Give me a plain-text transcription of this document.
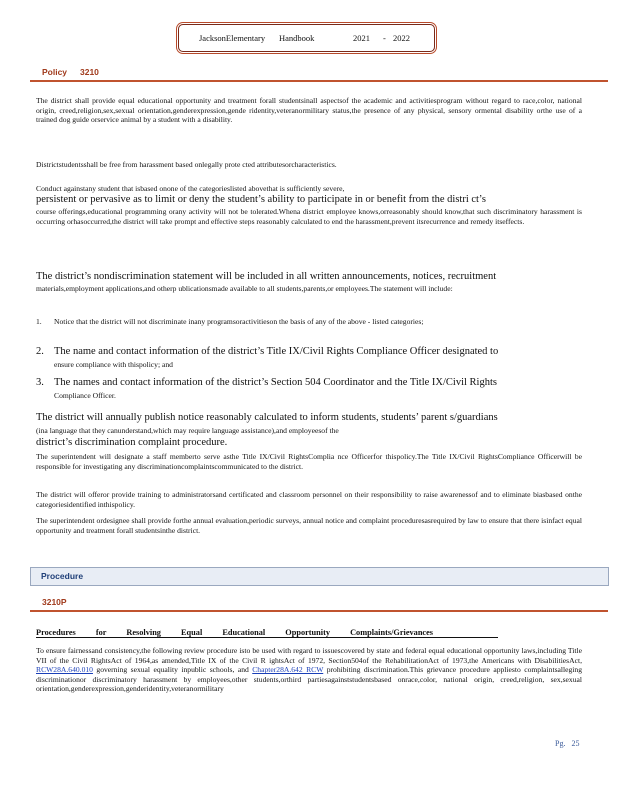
JacksonElementary Handbook	2021 - 2022
Policy 3210
The district shall provide equal educational opportunity and treatment forall studentsinall aspectsof the academic and activitiesprogram without regard to race,color, national origin, creed,religion,sex,sexual orientation,genderexpression,gende ridentity,veteranormilitary status,the presence of any physical, sensory ormental disability orthe use of a trained dog guide orservice animal by a student with a disability.
Districtstudentsshall be free from harassment based onlegally prote cted attributesorcharacteristics.
Conduct againstany student that isbased onone of the categorieslisted abovethat is sufficiently severe,
persistent or pervasive as to limit or deny the student’s ability to participate in or benefit from the distri ct’s
course offerings,educational programming orany activity will not be tolerated.Whena district employee knows,orreasonably should know,that such discriminatory harassment is occurring orhasoccurred,the district will take prompt and effective steps reasonably calculated to end the harassment,prevent itsrecurrence and remedy itseffects.
The district’s nondiscrimination statement will be included in all written announcements, notices, recruitment
materials,employment applications,and otherp ublicationsmade available to all students,parents,or employees.The statement will include:
1. Notice that the district will not discriminate inany programsoractivitieson the basis of any of the above - listed categories;
2. The name and contact information of the district’s Title IX/Civil Rights Compliance Officer designated to
ensure compliance with thispolicy; and
3. The names and contact information of the district’s Section 504 Coordinator and the Title IX/Civil Rights
Compliance Officer.
The district will annually publish notice reasonably calculated to inform students, students’ parent s/guardians
(ina language that they canunderstand,which may require language assistance),and employeesof the
district’s discrimination complaint procedure.
The superintendent will designate a staff memberto serve asthe Title IX/Civil RightsComplia nce Officerfor thispolicy.The Title IX/Civil RightsCompliance Officerwill be responsible for investigating any discriminationcomplaintscommunicated to the district.
The district will offeror provide training to administratorsand certificated and classroom personnel on their responsibility to raise awarenessof and to eliminate biasbased onthe categoriesidentified inthispolicy.
The superintendent ordesignee shall provide forthe annual evaluation,periodic surveys, annual notice and complaint proceduresasrequired by law to ensure that there isinfact equal opportunity and treatment forall studentsinthe district.
Procedure
3210P
Procedures for Resolving Equal Educational Opportunity Complaints/Grievances
To ensure fairnessand consistency,the following review procedure isto be used with regard to issuescovered by state and federal equal educational opportunity laws,including Title VII of the Civil RightsAct of 1964,as amended,Title IX of the Civil R ightsAct of 1972, Section504of the RehabilitationAct of 1973,the Americans with DisabilitiesAct, RCW28A.640.010 governing sexual equality inpublic schools, and Chapter28A.642 RCW prohibiting discrimination.This grievance procedure appliesto complaintsalleging discriminationor discriminatory harassment by employees,other students,orthird partiesagainststudentsbased onrace,color, national origin, creed,religion, sex,sexual orientation,genderexpression,genderidentity,veteranormilitary
Pg. 25
